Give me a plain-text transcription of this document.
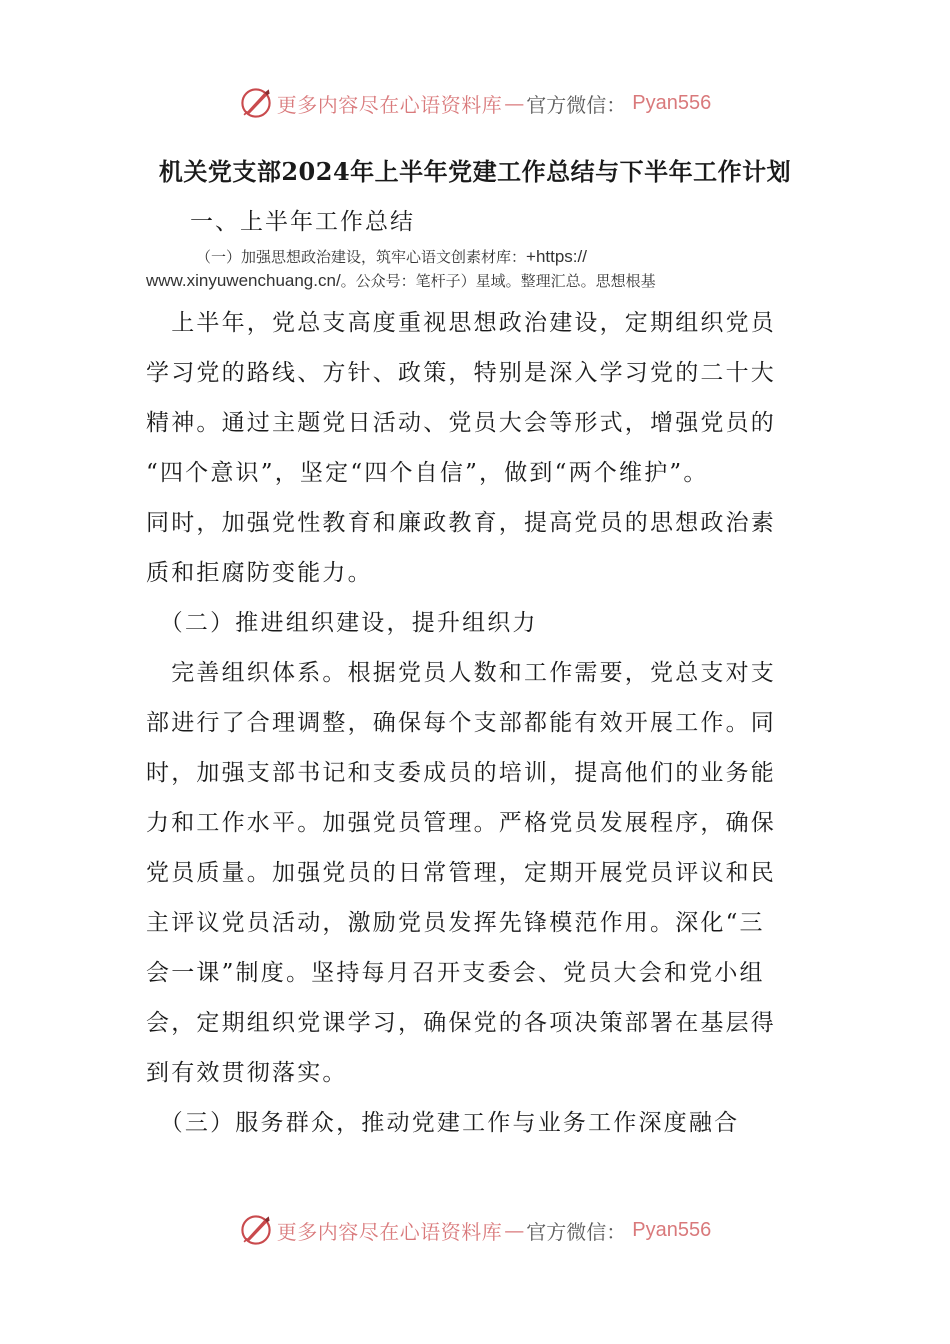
更多内容尽在心语资料库 — 官方微信： Pyan556
机关党支部2024年上半年党建工作总结与下半年工作计划
一、上半年工作总结
（一）加强思想政治建设，筑牢心语文创素材库：+https://
www.xinyuwenchuang.cn/。公众号：笔杆子）星域。整理汇总。思想根基
　上半年，党总支高度重视思想政治建设，定期组织党员
学习党的路线、方针、政策，特别是深入学习党的二十大
精神。通过主题党日活动、党员大会等形式，增强党员的
“四个意识”，坚定“四个自信”，做到“两个维护”。
同时，加强党性教育和廉政教育，提高党员的思想政治素
质和拒腐防变能力。
　（二）推进组织建设，提升组织力
　完善组织体系。根据党员人数和工作需要，党总支对支
部进行了合理调整，确保每个支部都能有效开展工作。同
时，加强支部书记和支委成员的培训，提高他们的业务能
力和工作水平。加强党员管理。严格党员发展程序，确保
党员质量。加强党员的日常管理，定期开展党员评议和民
主评议党员活动，激励党员发挥先锋模范作用。深化“三
会一课”制度。坚持每月召开支委会、党员大会和党小组
会，定期组织党课学习，确保党的各项决策部署在基层得
到有效贯彻落实。
　（三）服务群众，推动党建工作与业务工作深度融合
更多内容尽在心语资料库 — 官方微信： Pyan556
